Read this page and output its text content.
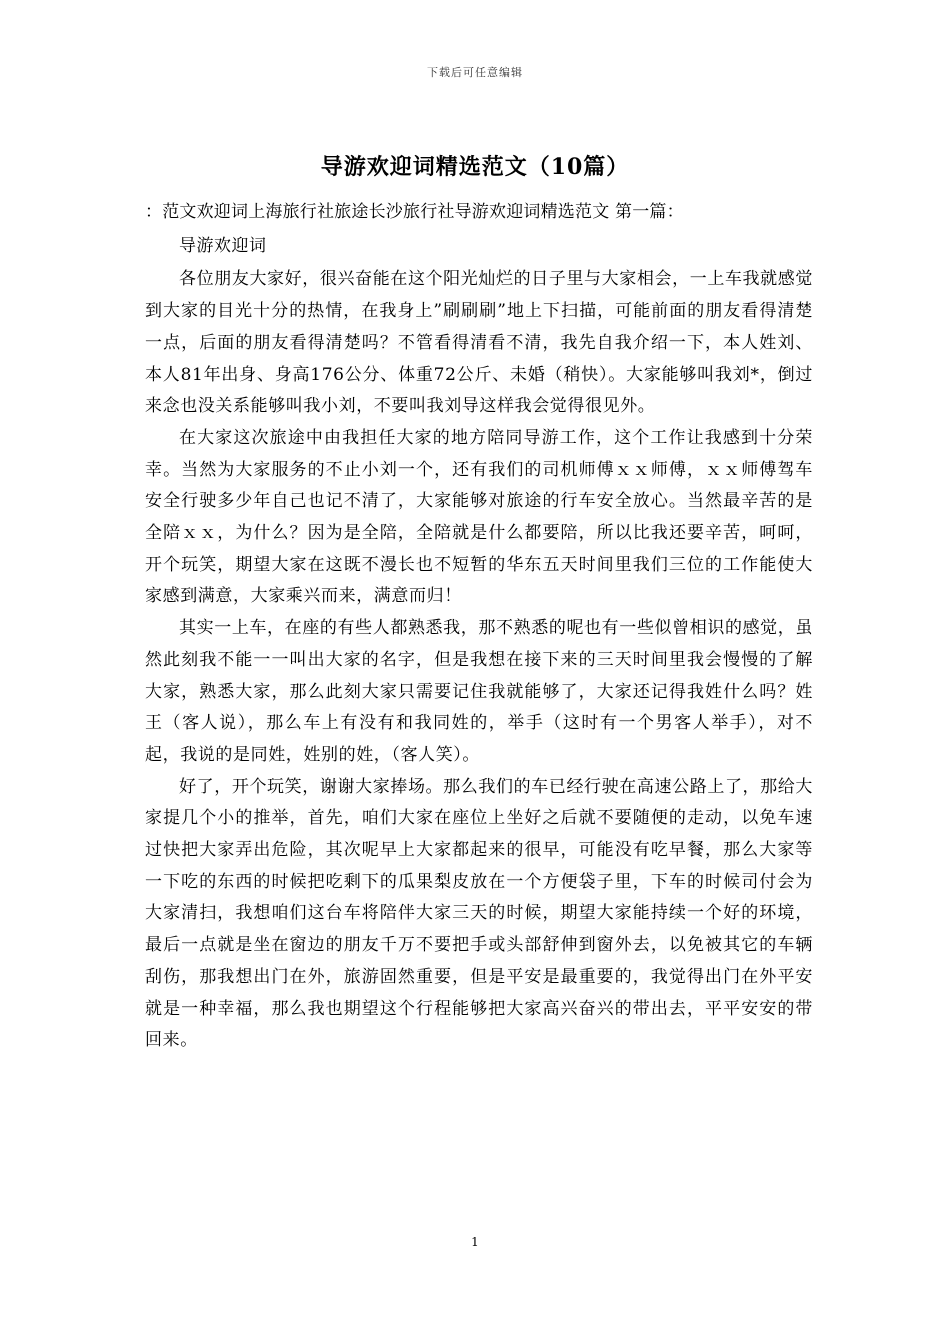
下载后可任意编辑
导游欢迎词精选范文（10篇）

：范文欢迎词上海旅行社旅途长沙旅行社导游欢迎词精选范文 第一篇：

导游欢迎词

各位朋友大家好，很兴奋能在这个阳光灿烂的日子里与大家相会，一上车我就感觉到大家的目光十分的热情，在我身上”刷刷刷”地上下扫描，可能前面的朋友看得清楚一点，后面的朋友看得清楚吗？不管看得清看不清，我先自我介绍一下，本人姓刘、本人81年出身、身高176公分、体重72公斤、未婚（稍快）。大家能够叫我刘*，倒过来念也没关系能够叫我小刘，不要叫我刘导这样我会觉得很见外。

在大家这次旅途中由我担任大家的地方陪同导游工作，这个工作让我感到十分荣幸。当然为大家服务的不止小刘一个，还有我们的司机师傅ｘｘ师傅，ｘｘ师傅驾车安全行驶多少年自己也记不清了，大家能够对旅途的行车安全放心。当然最辛苦的是全陪ｘｘ，为什么？因为是全陪，全陪就是什么都要陪，所以比我还要辛苦，呵呵，开个玩笑，期望大家在这既不漫长也不短暂的华东五天时间里我们三位的工作能使大家感到满意，大家乘兴而来，满意而归！

其实一上车，在座的有些人都熟悉我，那不熟悉的呢也有一些似曾相识的感觉，虽然此刻我不能一一叫出大家的名字，但是我想在接下来的三天时间里我会慢慢的了解大家，熟悉大家，那么此刻大家只需要记住我就能够了，大家还记得我姓什么吗？姓王（客人说），那么车上有没有和我同姓的，举手（这时有一个男客人举手），对不起，我说的是同姓，姓别的姓，（客人笑）。

好了，开个玩笑，谢谢大家捧场。那么我们的车已经行驶在高速公路上了，那给大家提几个小的推举，首先，咱们大家在座位上坐好之后就不要随便的走动，以免车速过快把大家弄出危险，其次呢早上大家都起来的很早，可能没有吃早餐，那么大家等一下吃的东西的时候把吃剩下的瓜果梨皮放在一个方便袋子里，下车的时候司付会为大家清扫，我想咱们这台车将陪伴大家三天的时候，期望大家能持续一个好的环境，最后一点就是坐在窗边的朋友千万不要把手或头部舒伸到窗外去，以免被其它的车辆刮伤，那我想出门在外，旅游固然重要，但是平安是最重要的，我觉得出门在外平安就是一种幸福，那么我也期望这个行程能够把大家高兴奋兴的带出去，平平安安的带回来。

1
